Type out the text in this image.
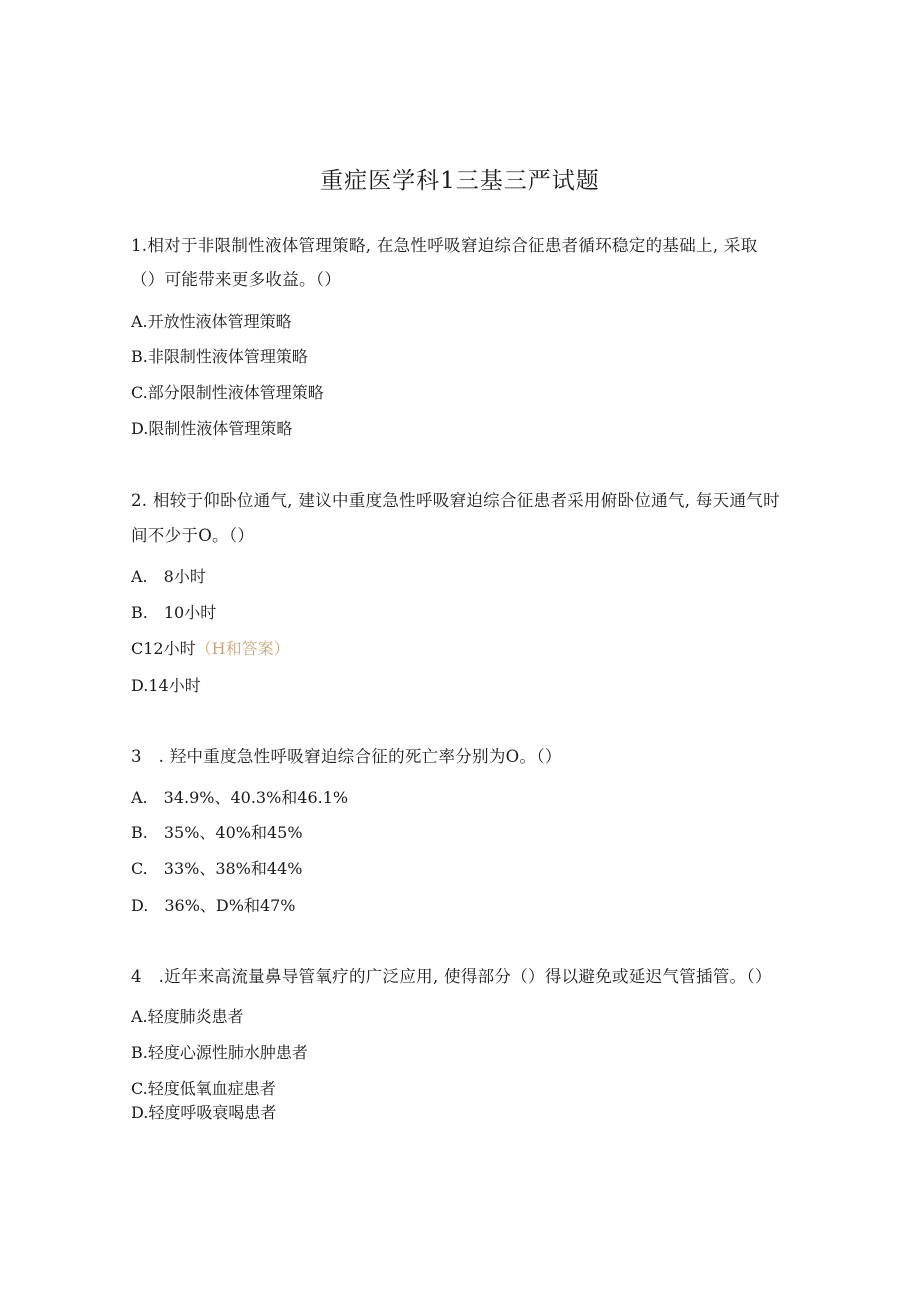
重症医学科1三基三严试题
1.相对于非限制性液体管理策略, 在急性呼吸窘迫综合征患者循环稳定的基础上, 采取
（）可能带来更多收益。（）
A.开放性液体管理策略
B.非限制性液体管理策略
C.部分限制性液体管理策略
D.限制性液体管理策略
2. 相较于仰卧位通气, 建议中重度急性呼吸窘迫综合征患者采用俯卧位通气, 每天通气时
间不少于O。（）
A.　8小时
B.　10小时
C12小时（H和答案）
D.14小时
3　. 羟中重度急性呼吸窘迫综合征的死亡率分别为O。（）
A.　34.9%、40.3%和46.1%
B.　35%、40%和45%
C.　33%、38%和44%
D.　36%、D%和47%
4　.近年来高流量鼻导管氧疗的广泛应用, 使得部分（）得以避免或延迟气管插管。（）
A.轻度肺炎患者
B.轻度心源性肺水肿患者
C.轻度低氧血症患者
D.轻度呼吸衰喝患者
